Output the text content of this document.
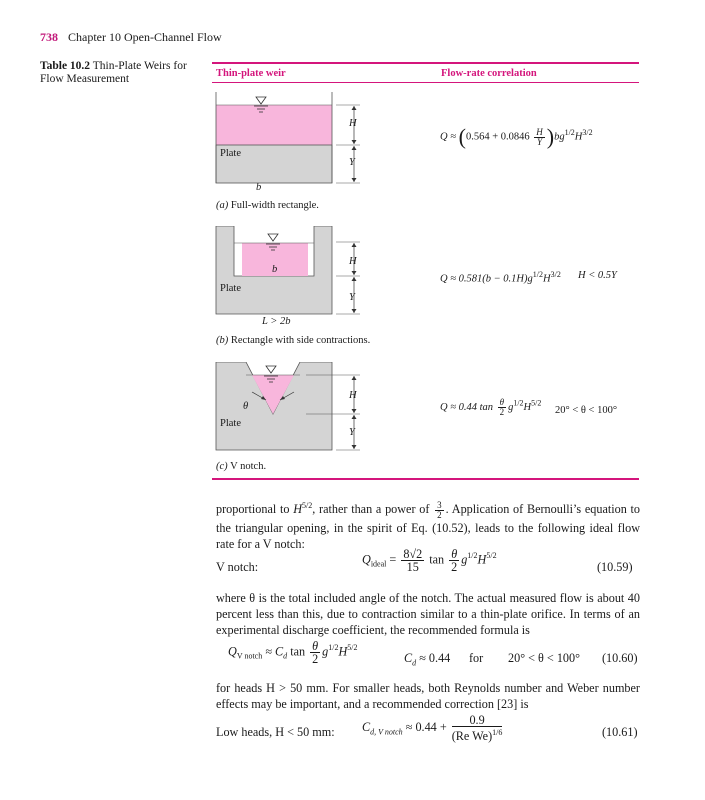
738 Chapter 10 Open-Channel Flow
Table 10.2 Thin-Plate Weirs for Flow Measurement	Thin-plate weir	Flow-rate correlation
Plate
H
Y
b
(a) Full-width rectangle.
$Q \approx (0.564 + 0.0846 \frac{H}{Y} )bg^{1/2}H^{3/2}$
b
Plate
H
Y
L > 2b
(b) Rectangle with side contractions.
$Q \approx 0.581(b - 0.1H)g^{1/2}H^{3/2}$ H < 0.5Y
θ
Plate
H
Y
(c) V notch.
Q ≈ 0.44 $\tan \frac{\theta}{2} g^{1/2}H^{5/2}$
20° < θ < 100°
proportional to $H^{5/2}$, rather than a power of $\frac{3}{2}$ . Application of Bernoulli’s equation to the triangular opening, in the spirit of Eq. (10.52), leads to the following ideal flow rate for a V notch:
V notch:
$Q_{ideal} = \frac{8√2}{15}$ $\tan \frac{\theta}{2} g^{1/2}H^{5/2}$
(10.59)
where θ is the total included angle of the notch. The actual measured flow is about 40 percent less than this, due to contraction similar to a thin-plate orifice. In terms of an experimental discharge coefficient, the recommended formula is
$Q_{V notch} \approx C_d$ $\tan \frac{\theta}{2} g^{1/2}H^{5/2}$
$C_d \approx 0.44$ for 20° < θ < 100° (10.60)
for heads H > 50 mm. For smaller heads, both Reynolds number and Weber number effects may be important, and a recommended correction [23] is
Low heads, H < 50 mm: $C_{d, V notch} \approx 0.44 + \frac{0.9}{(Re We)^{1/6}}$	(10.61)
